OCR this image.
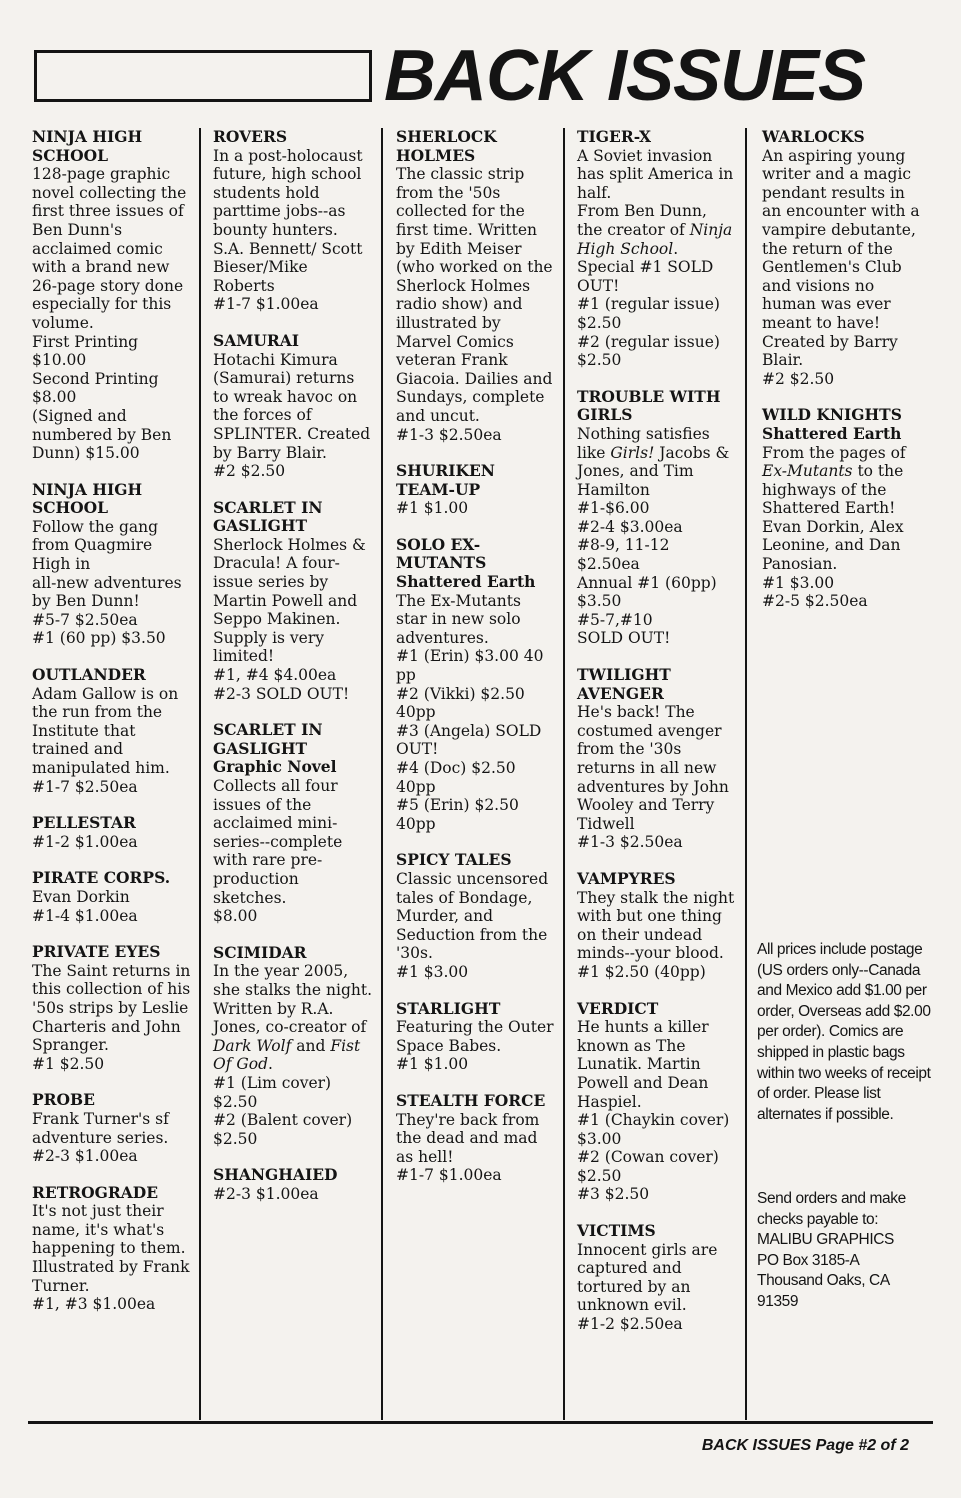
BACK ISSUES
NINJA HIGH SCHOOL
128-page graphic novel collecting the first three issues of Ben Dunn's acclaimed comic with a brand new 26-page story done especially for this volume.
First Printing $10.00
Second Printing $8.00
(Signed and numbered by Ben Dunn) $15.00
NINJA HIGH SCHOOL
Follow the gang from Quagmire High in
all-new adventures by Ben Dunn!
#5-7 $2.50ea
#1 (60 pp) $3.50
OUTLANDER
Adam Gallow is on the run from the Institute that trained and manipulated him.
#1-7 $2.50ea
PELLESTAR
#1-2 $1.00ea
PIRATE CORPS.
Evan Dorkin
#1-4 $1.00ea
PRIVATE EYES
The Saint returns in this collection of his '50s strips by Leslie Charteris and John Spranger.
#1 $2.50
PROBE
Frank Turner's sf adventure series.
#2-3 $1.00ea
RETROGRADE
It's not just their name, it's what's happening to them. Illustrated by Frank Turner.
#1, #3 $1.00ea
ROVERS
In a post-holocaust future, high school students hold parttime jobs--as bounty hunters.
S.A. Bennett/ Scott Bieser/Mike Roberts
#1-7 $1.00ea
SAMURAI
Hotachi Kimura (Samurai) returns to wreak havoc on the forces of SPLINTER. Created by Barry Blair.
#2 $2.50
SCARLET IN GASLIGHT
Sherlock Holmes & Dracula! A four-issue series by Martin Powell and Seppo Makinen. Supply is very limited!
#1, #4 $4.00ea
#2-3 SOLD OUT!
SCARLET IN GASLIGHT
Graphic Novel
Collects all four issues of the acclaimed mini-series--complete with rare pre-production sketches.
$8.00
SCIMIDAR
In the year 2005, she stalks the night. Written by R.A. Jones, co-creator of Dark Wolf and Fist Of God.
#1 (Lim cover) $2.50
#2 (Balent cover) $2.50
SHANGHAIED
#2-3 $1.00ea
SHERLOCK HOLMES
The classic strip from the '50s collected for the first time. Written by Edith Meiser (who worked on the Sherlock Holmes radio show) and illustrated by Marvel Comics veteran Frank Giacoia. Dailies and Sundays, complete and uncut.
#1-3 $2.50ea
SHURIKEN TEAM-UP
#1 $1.00
SOLO EX-MUTANTS
Shattered Earth
The Ex-Mutants star in new solo adventures.
#1 (Erin) $3.00 40 pp
#2 (Vikki) $2.50 40pp
#3 (Angela) SOLD OUT!
#4 (Doc) $2.50 40pp
#5 (Erin) $2.50 40pp
SPICY TALES
Classic uncensored tales of Bondage, Murder, and Seduction from the '30s.
#1 $3.00
STARLIGHT
Featuring the Outer Space Babes.
#1 $1.00
STEALTH FORCE
They're back from the dead and mad as hell!
#1-7 $1.00ea
TIGER-X
A Soviet invasion has split America in half.
From Ben Dunn, the creator of Ninja High School.
Special #1 SOLD OUT!
#1 (regular issue) $2.50
#2 (regular issue) $2.50
TROUBLE WITH GIRLS
Nothing satisfies like Girls! Jacobs & Jones, and Tim Hamilton
#1-$6.00
#2-4 $3.00ea
#8-9, 11-12 $2.50ea
Annual #1 (60pp) $3.50
#5-7,#10
SOLD OUT!
TWILIGHT AVENGER
He's back! The costumed avenger from the '30s returns in all new adventures by John Wooley and Terry Tidwell
#1-3 $2.50ea
VAMPYRES
They stalk the night with but one thing on their undead minds--your blood.
#1 $2.50 (40pp)
VERDICT
He hunts a killer known as The Lunatik. Martin Powell and Dean Haspiel.
#1 (Chaykin cover) $3.00
#2 (Cowan cover) $2.50
#3 $2.50
VICTIMS
Innocent girls are captured and tortured by an unknown evil.
#1-2 $2.50ea
WARLOCKS
An aspiring young writer and a magic pendant results in an encounter with a vampire debutante, the return of the Gentlemen's Club and visions no human was ever meant to have! Created by Barry Blair.
#2 $2.50
WILD KNIGHTS
Shattered Earth
From the pages of Ex-Mutants to the highways of the Shattered Earth! Evan Dorkin, Alex Leonine, and Dan Panosian.
#1 $3.00
#2-5 $2.50ea
All prices include postage (US orders only--Canada and Mexico add $1.00 per order, Overseas add $2.00 per order). Comics are shipped in plastic bags within two weeks of receipt of order. Please list alternates if possible.
Send orders and make checks payable to:
MALIBU GRAPHICS
PO Box 3185-A
Thousand Oaks, CA
91359
BACK ISSUES Page #2 of 2
